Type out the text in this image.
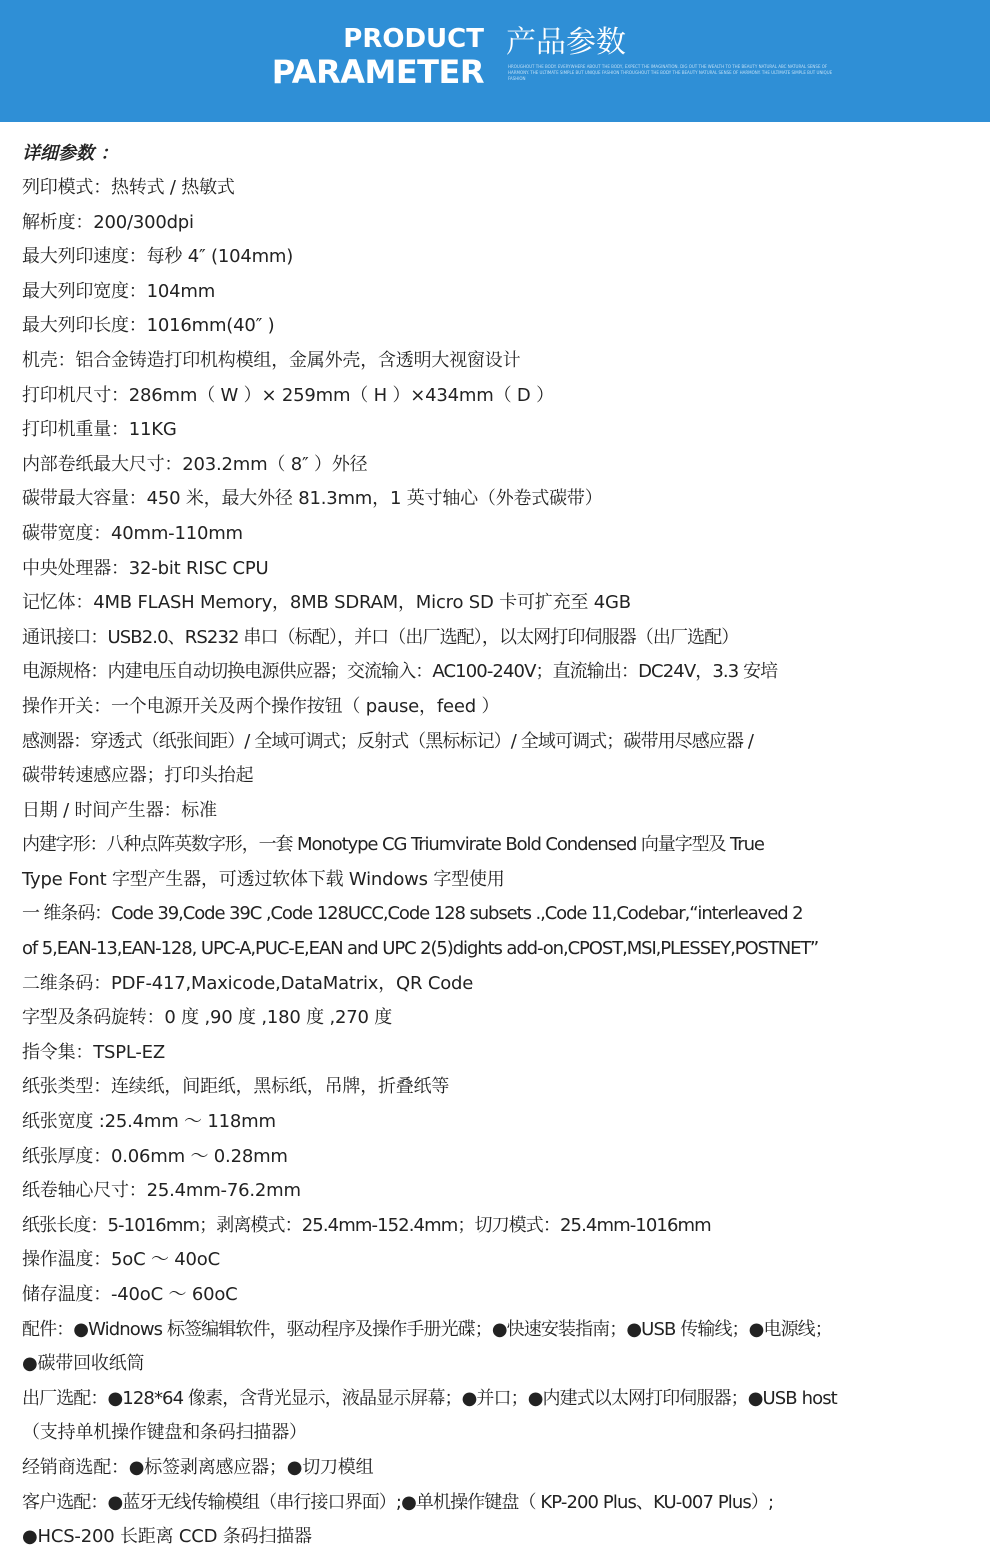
PRODUCT
PARAMETER
产品参数
HROUGHOUT THE BODY. EVERYWHERE ABOUT THE BODY, EXPECT THE IMAGINATION. DIG OUT THE WEALTH TO THE BEAUTY NATURAL ABC NATURAL SENSE OF HARMONY. THE ULTIMATE SIMPLE BUT UNIQUE FASHION THROUGHOUT THE BODY THE BEAUTY NATURAL SENSE OF HARMONY. THE ULTIMATE SIMPLE BUT UNIQUE FASHION
详细参数 ：
列印模式：热转式 / 热敏式
解析度：200/300dpi
最大列印速度：每秒 4″ (104mm)
最大列印宽度：104mm
最大列印长度：1016mm(40″ )
机壳：铝合金铸造打印机构模组，金属外壳，含透明大视窗设计
打印机尺寸：286mm（ W ）× 259mm（ H ）×434mm（ D ）
打印机重量：11KG
内部卷纸最大尺寸：203.2mm（ 8″ ）外径
碳带最大容量：450 米，最大外径 81.3mm，1 英寸轴心（外卷式碳带）
碳带宽度：40mm-110mm
中央处理器：32-bit RISC CPU
记忆体：4MB FLASH Memory，8MB SDRAM，Micro SD 卡可扩充至 4GB
通讯接口：USB2.0、RS232 串口（标配），并口（出厂选配），以太网打印伺服器（出厂选配）
电源规格：内建电压自动切换电源供应器；交流输入：AC100-240V；直流输出：DC24V，3.3 安培
操作开关：一个电源开关及两个操作按钮（ pause，feed ）
感测器：穿透式（纸张间距）/ 全域可调式；反射式（黑标标记）/ 全域可调式；碳带用尽感应器 /
碳带转速感应器；打印头抬起
日期 / 时间产生器：标准
内建字形：八种点阵英数字形，一套 Monotype CG Triumvirate Bold Condensed 向量字型及 True
Type Font 字型产生器，可透过软体下载 Windows 字型使用
一 维条码：Code 39,Code 39C ,Code 128UCC,Code 128 subsets .,Code 11,Codebar,“interleaved 2
of 5,EAN-13,EAN-128, UPC-A,PUC-E,EAN and UPC 2(5)dights add-on,CPOST,MSI,PLESSEY,POSTNET”
二维条码：PDF-417,Maxicode,DataMatrix，QR Code
字型及条码旋转：0 度 ,90 度 ,180 度 ,270 度
指令集：TSPL-EZ
纸张类型：连续纸，间距纸，黑标纸，吊牌，折叠纸等
纸张宽度 :25.4mm ～ 118mm
纸张厚度：0.06mm ～ 0.28mm
纸卷轴心尺寸：25.4mm-76.2mm
纸张长度：5-1016mm；剥离模式：25.4mm-152.4mm；切刀模式：25.4mm-1016mm
操作温度：5oC ～ 40oC
储存温度：-40oC ～ 60oC
配件：●Widnows 标签编辑软件，驱动程序及操作手册光碟；●快速安装指南；●USB 传输线；●电源线；
●碳带回收纸筒
出厂选配：●128*64 像素，含背光显示，液晶显示屏幕；●并口；●内建式以太网打印伺服器；●USB host
（支持单机操作键盘和条码扫描器）
经销商选配：●标签剥离感应器；●切刀模组
客户选配：●蓝牙无线传输模组（串行接口界面）;●单机操作键盘（ KP-200 Plus、KU-007 Plus）;
●HCS-200 长距离 CCD 条码扫描器
